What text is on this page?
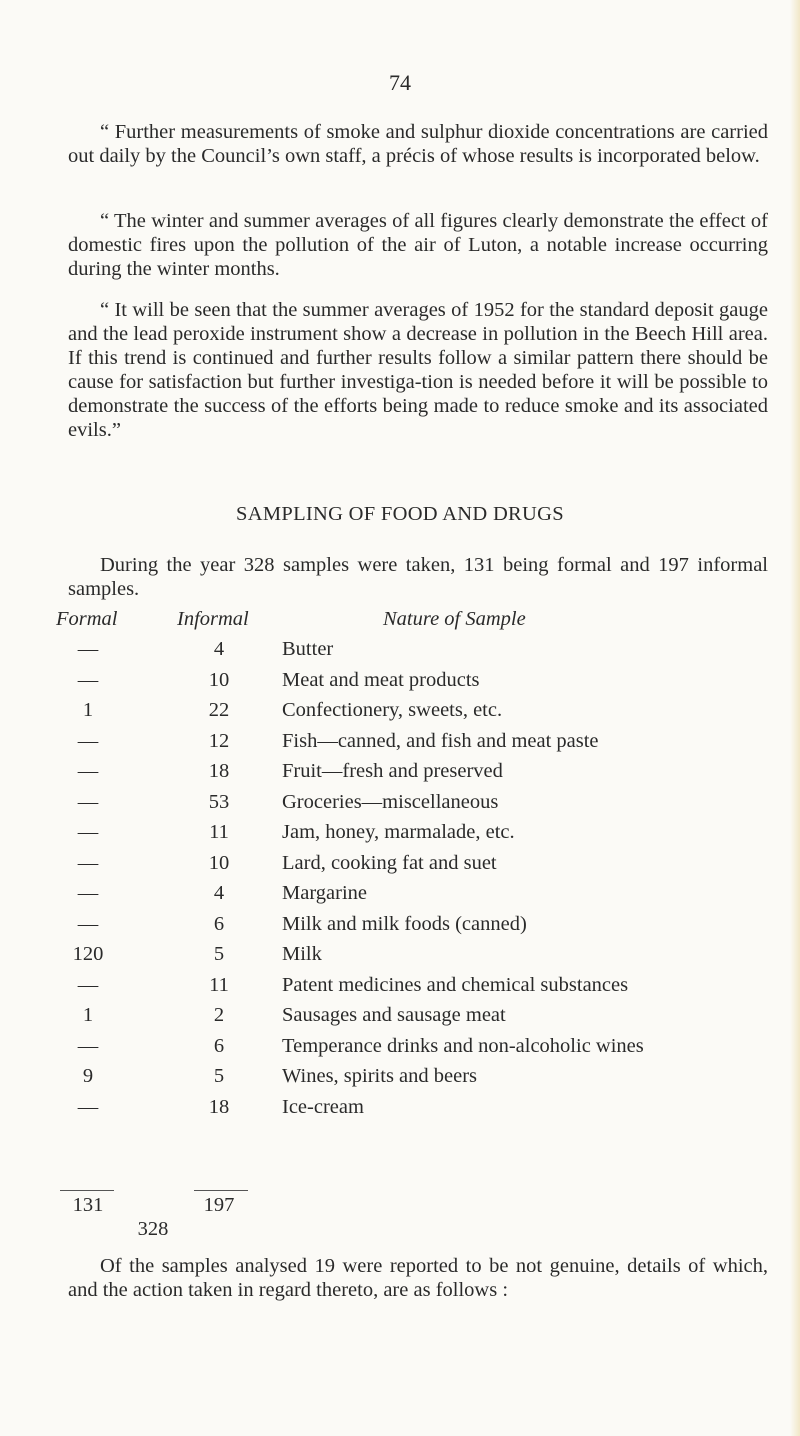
74

“ Further measurements of smoke and sulphur dioxide concentrations are carried out daily by the Council’s own staff, a précis of whose results is incorporated below.

“ The winter and summer averages of all figures clearly demonstrate the effect of domestic fires upon the pollution of the air of Luton, a notable increase occurring during the winter months.

“ It will be seen that the summer averages of 1952 for the standard deposit gauge and the lead peroxide instrument show a decrease in pollution in the Beech Hill area. If this trend is continued and further results follow a similar pattern there should be cause for satisfaction but further investiga-tion is needed before it will be possible to demonstrate the success of the efforts being made to reduce smoke and its associated evils.”

SAMPLING OF FOOD AND DRUGS

During the year 328 samples were taken, 131 being formal and 197 informal samples.

Formal	Informal	Nature of Sample
—	4	Butter
—	10	Meat and meat products
1	22	Confectionery, sweets, etc.
—	12	Fish—canned, and fish and meat paste
—	18	Fruit—fresh and preserved
—	53	Groceries—miscellaneous
—	11	Jam, honey, marmalade, etc.
—	10	Lard, cooking fat and suet
—	4	Margarine
—	6	Milk and milk foods (canned)
120	5	Milk
—	11	Patent medicines and chemical substances
1	2	Sausages and sausage meat
—	6	Temperance drinks and non-alcoholic wines
9	5	Wines, spirits and beers
—	18	Ice-cream
131	197
328

Of the samples analysed 19 were reported to be not genuine, details of which, and the action taken in regard thereto, are as follows :
